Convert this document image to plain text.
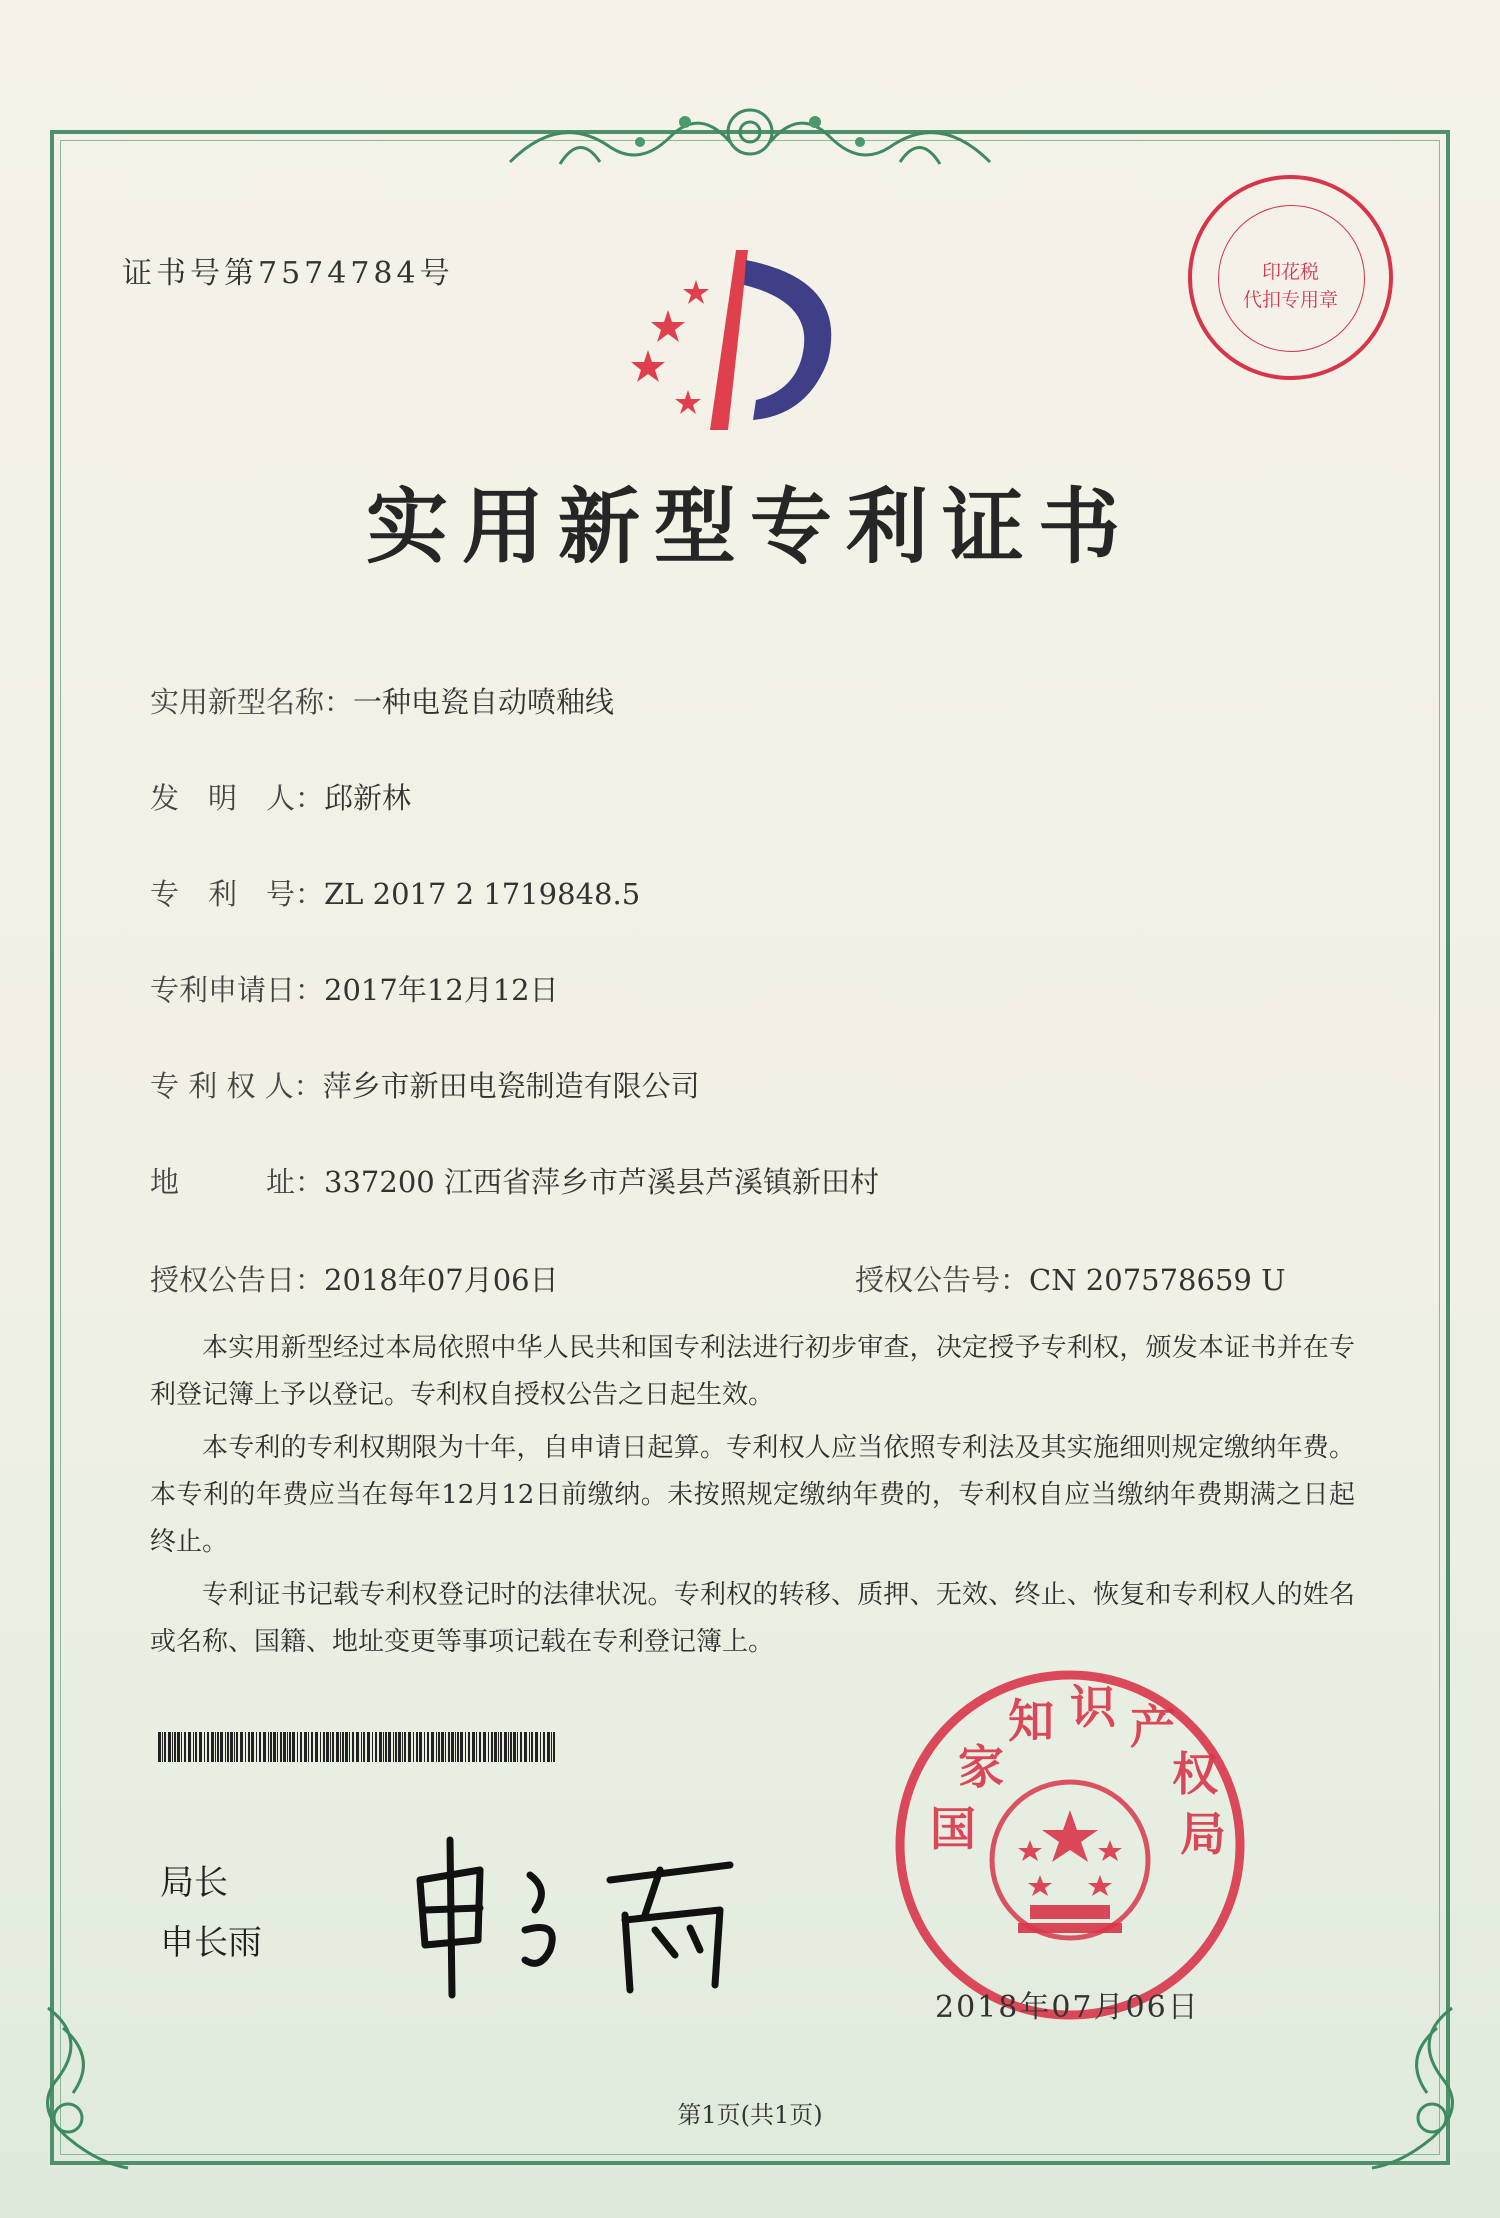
证书号第7574784号	印花税
代扣专用章
实用新型专利证书
实用新型名称：一种电瓷自动喷釉线
发　明　人：邱新林
专　利　号：ZL 2017 2 1719848.5
专利申请日：2017年12月12日
专 利 权 人：萍乡市新田电瓷制造有限公司
地　　　址：337200 江西省萍乡市芦溪县芦溪镇新田村
授权公告日：2018年07月06日	授权公告号：CN 207578659 U

本实用新型经过本局依照中华人民共和国专利法进行初步审查，决定授予专利权，颁发本证书并在专利登记簿上予以登记。专利权自授权公告之日起生效。

本专利的专利权期限为十年，自申请日起算。专利权人应当依照专利法及其实施细则规定缴纳年费。本专利的年费应当在每年12月12日前缴纳。未按照规定缴纳年费的，专利权自应当缴纳年费期满之日起终止。

专利证书记载专利权登记时的法律状况。专利权的转移、质押、无效、终止、恢复和专利权人的姓名或名称、国籍、地址变更等事项记载在专利登记簿上。

局长
申长雨
家
知 识 产
权
国	局
2018年07月06日
第1页(共1页)
